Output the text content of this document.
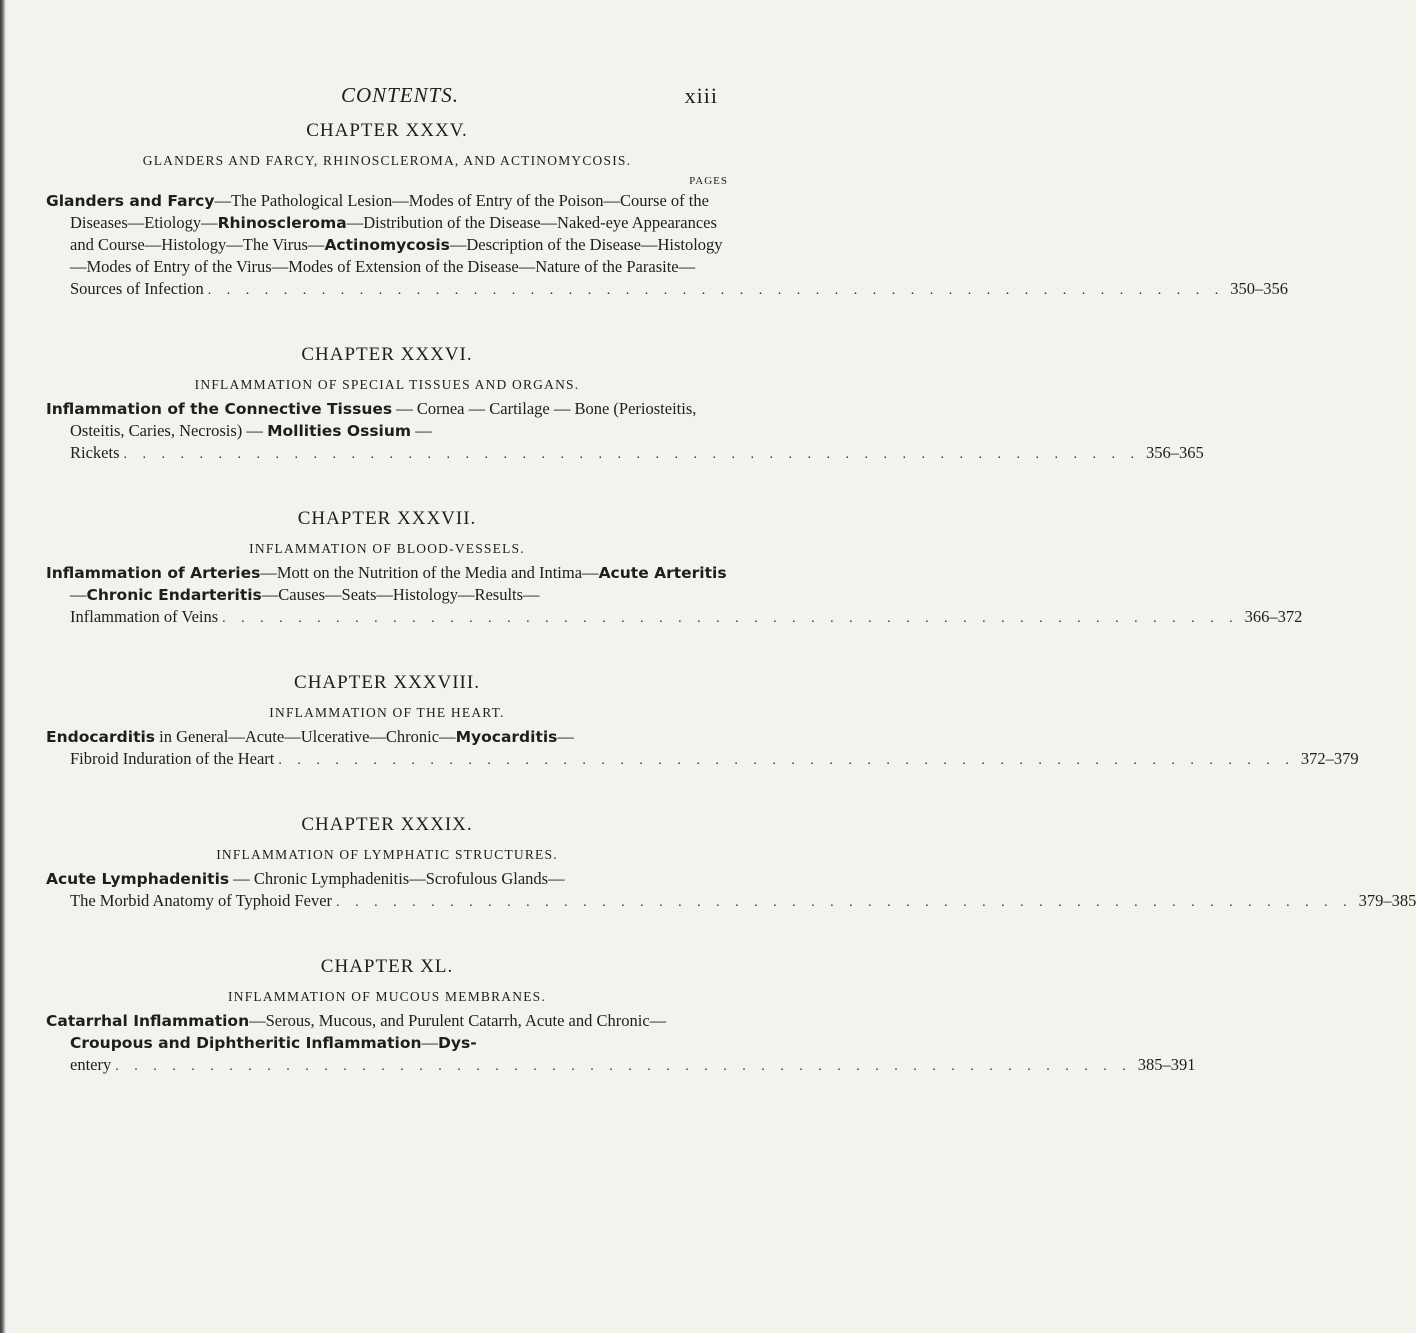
CONTENTS.	xiii
CHAPTER XXXV.
GLANDERS AND FARCY, RHINOSCLEROMA, AND ACTINOMYCOSIS.
PAGES
Glanders and Farcy—The Pathological Lesion—Modes of Entry of the Poison—Course of the Diseases—Etiology—Rhinoscleroma—Distribution of the Disease—Naked-eye Appearances and Course—Histology—The Virus—Actinomycosis—Description of the Disease—Histology—Modes of Entry of the Virus—Modes of Extension of the Disease—Nature of the Parasite—
Sources of Infection . . . . . . . . . . . . . . . . . . . . . . . . . . . . . . . . . . . . . . . . . . . . . . . . . . . . . . 350–356
CHAPTER XXXVI.
INFLAMMATION OF SPECIAL TISSUES AND ORGANS.
Inflammation of the Connective Tissues — Cornea — Cartilage — Bone (Periosteitis, Osteitis, Caries, Necrosis) — Mollities Ossium —
Rickets . . . . . . . . . . . . . . . . . . . . . . . . . . . . . . . . . . . . . . . . . . . . . . . . . . . . . . 356–365
CHAPTER XXXVII.
INFLAMMATION OF BLOOD-VESSELS.
Inflammation of Arteries—Mott on the Nutrition of the Media and Intima—Acute Arteritis—Chronic Endarteritis—Causes—Seats—Histology—Results—
Inflammation of Veins . . . . . . . . . . . . . . . . . . . . . . . . . . . . . . . . . . . . . . . . . . . . . . . . . . . . . . 366–372
CHAPTER XXXVIII.
INFLAMMATION OF THE HEART.
Endocarditis in General—Acute—Ulcerative—Chronic—Myocarditis—
Fibroid Induration of the Heart . . . . . . . . . . . . . . . . . . . . . . . . . . . . . . . . . . . . . . . . . . . . . . . . . . . . . . 372–379
CHAPTER XXXIX.
INFLAMMATION OF LYMPHATIC STRUCTURES.
Acute Lymphadenitis — Chronic Lymphadenitis—Scrofulous Glands—
The Morbid Anatomy of Typhoid Fever . . . . . . . . . . . . . . . . . . . . . . . . . . . . . . . . . . . . . . . . . . . . . . . . . . . . . . 379–385
CHAPTER XL.
INFLAMMATION OF MUCOUS MEMBRANES.
Catarrhal Inflammation—Serous, Mucous, and Purulent Catarrh, Acute and Chronic—Croupous and Diphtheritic Inflammation—Dys-
entery . . . . . . . . . . . . . . . . . . . . . . . . . . . . . . . . . . . . . . . . . . . . . . . . . . . . . . 385–391
